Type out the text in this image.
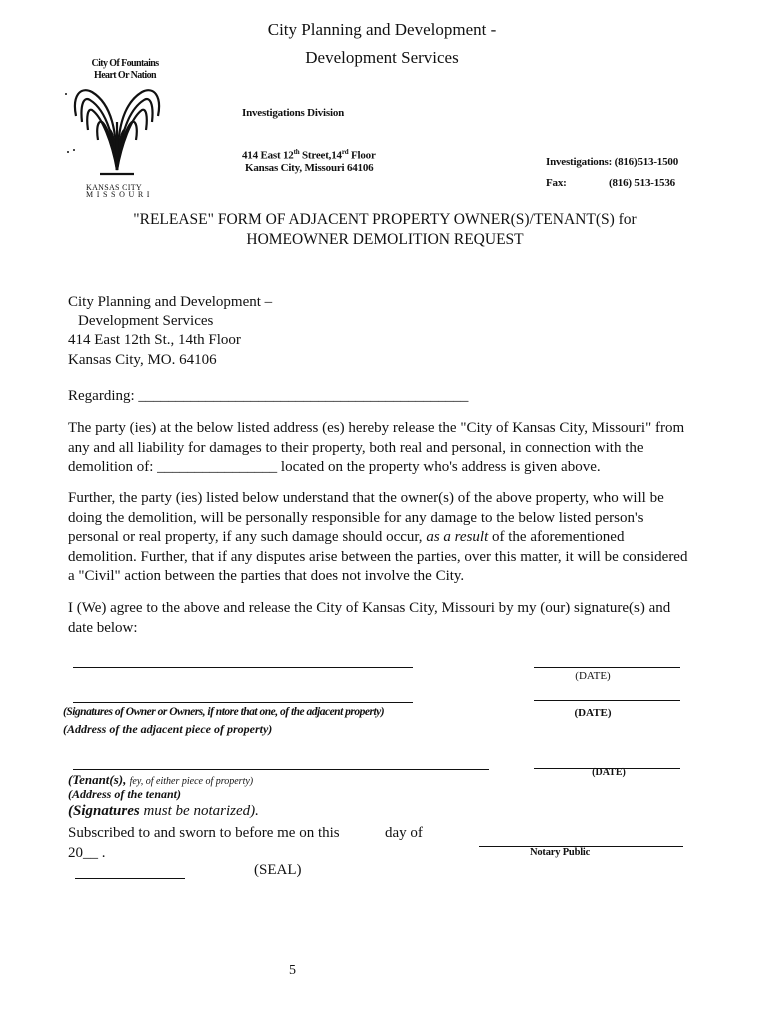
City Planning and Development -
Development Services
City Of Fountains
Heart Or Nation
KANSAS CITY
M I S S O U R I
Investigations Division
414 East 12th Street,14rd Floor
Kansas City, Missouri 64106	Investigations: (816)513-1500
Fax:	(816) 513-1536
"RELEASE" FORM OF ADJACENT PROPERTY OWNER(S)/TENANT(S) for
HOMEOWNER DEMOLITION REQUEST
City Planning and Development –
Development Services
414 East 12th St., 14th Floor
Kansas City, MO. 64106
Regarding: ____________________________________________
The party (ies) at the below listed address (es) hereby release the "City of Kansas City, Missouri" from any and all liability for damages to their property, both real and personal, in connection with the demolition of: ________________ located on the property who's address is given above.
Further, the party (ies) listed below understand that the owner(s) of the above property, who will be doing the demolition, will be personally responsible for any damage to the below listed person's personal or real property, if any such damage should occur, as a result of the aforementioned demolition. Further, that if any disputes arise between the parties, over this matter, it will be considered a "Civil" action between the parties that does not involve the City.
I (We) agree to the above and release the City of Kansas City, Missouri by my (our) signature(s) and date below:
(DATE)
(DATE)
(Signatures of Owner or Owners, if ntore that one, of the adjacent property)
(Address of the adjacent piece of property)
(DATE)
(Tenant(s), fey, of either piece of property)
(Address of the tenant)
(Signatures must be notarized).
Subscribed to and sworn to before me on this	day of
20__ .	Notary Public
(SEAL)
5
